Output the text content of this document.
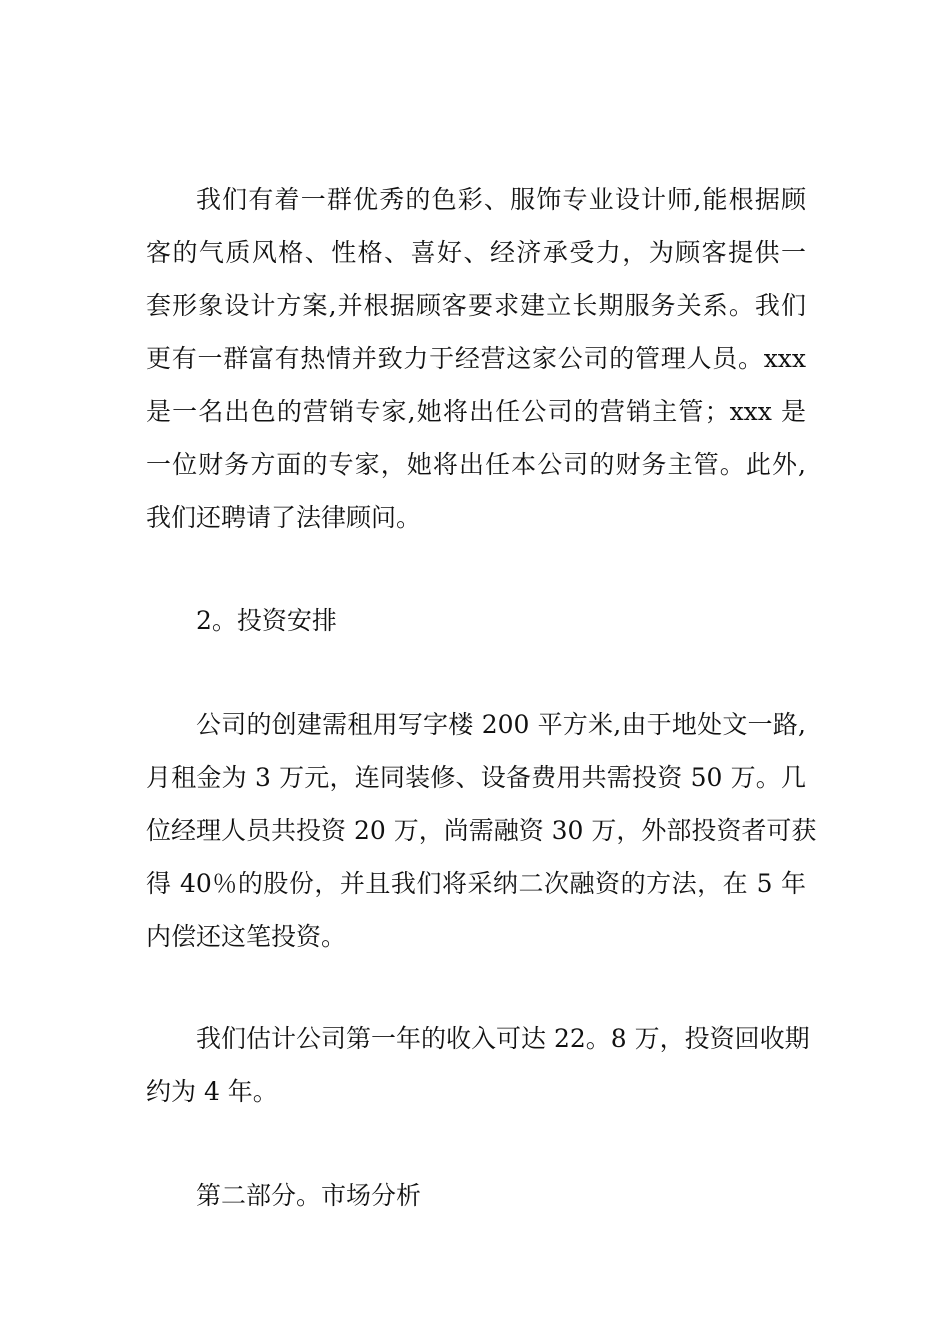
我们有着一群优秀的色彩、服饰专业设计师,能根据顾

客的气质风格、性格、喜好、经济承受力，为顾客提供一

套形象设计方案,并根据顾客要求建立长期服务关系。我们

更有一群富有热情并致力于经营这家公司的管理人员。xxx

是一名出色的营销专家,她将出任公司的营销主管；xxx 是

一位财务方面的专家，她将出任本公司的财务主管。此外,

我们还聘请了法律顾问。

2。投资安排

公司的创建需租用写字楼 200 平方米,由于地处文一路,

月租金为 3 万元，连同装修、设备费用共需投资 50 万。几

位经理人员共投资 20 万，尚需融资 30 万，外部投资者可获

得 40％的股份，并且我们将采纳二次融资的方法，在 5 年

内偿还这笔投资。

我们估计公司第一年的收入可达 22。8 万，投资回收期

约为 4 年。

第二部分。市场分析
